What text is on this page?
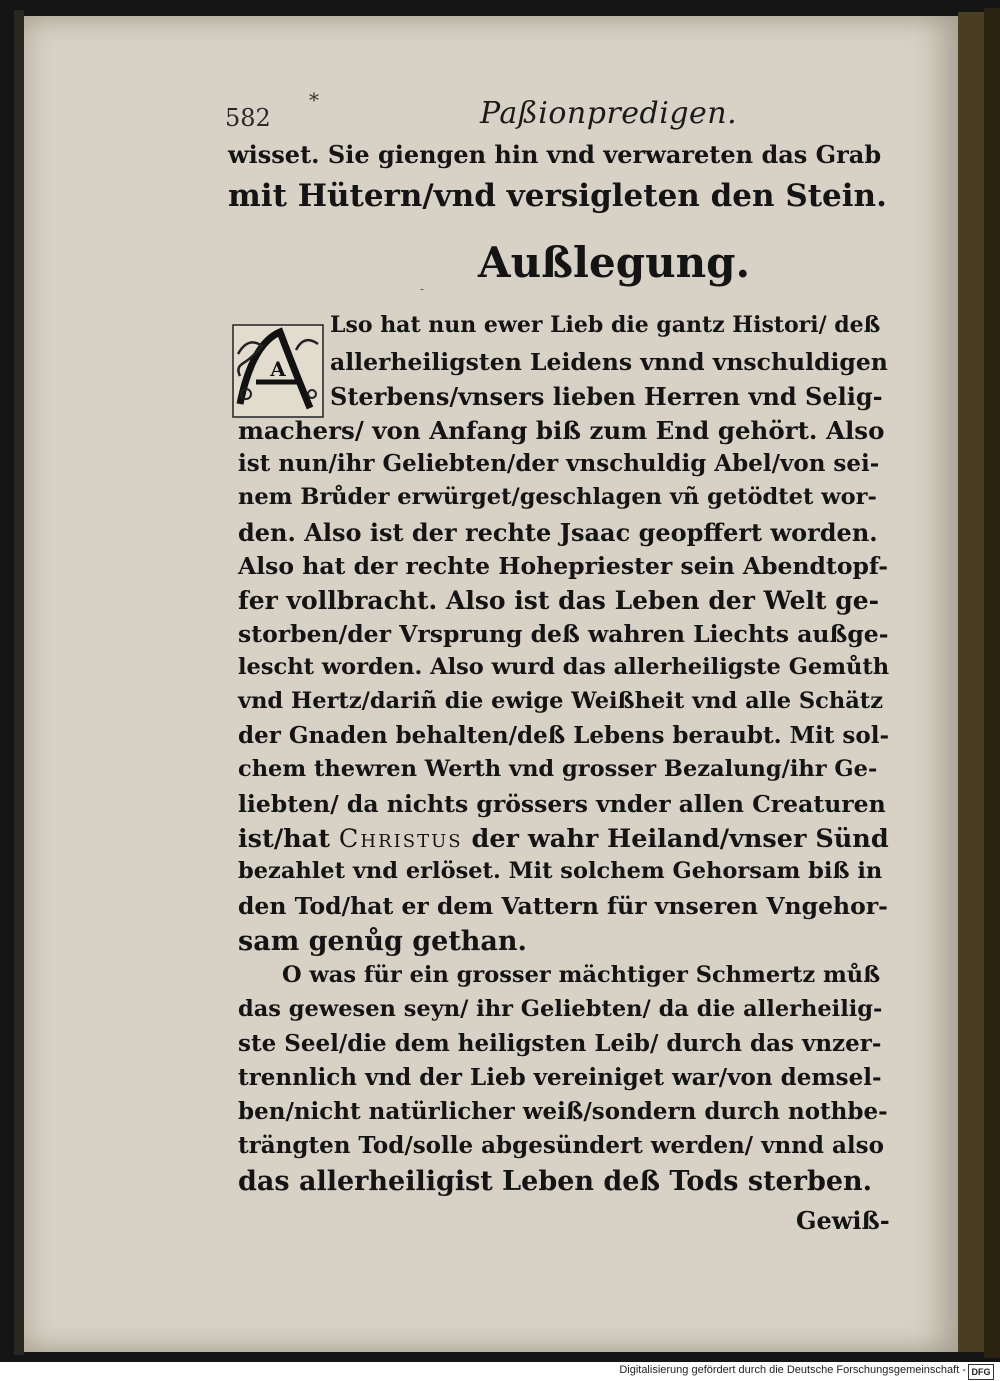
582
*	Paßionpredigen.
wisset. Sie giengen hin vnd verwareten das Grab
mit Hütern/vnd versigleten den Stein.
Außlegung.
-
A
Lso hat nun ewer Lieb die gantz Histori/ deß
allerheiligsten Leidens vnnd vnschuldigen
Sterbens/vnsers lieben Herren vnd Selig-
machers/ von Anfang biß zum End gehört. Also
ist nun/ihr Geliebten/der vnschuldig Abel/von sei-
nem Brůder erwürget/geschlagen vñ getödtet wor-
den. Also ist der rechte Jsaac geopffert worden.
Also hat der rechte Hohepriester sein Abendtopf-
fer vollbracht. Also ist das Leben der Welt ge-
storben/der Vrsprung deß wahren Liechts außge-
lescht worden. Also wurd das allerheiligste Gemůth
vnd Hertz/dariñ die ewige Weißheit vnd alle Schätz
der Gnaden behalten/deß Lebens beraubt. Mit sol-
chem thewren Werth vnd grosser Bezalung/ihr Ge-
liebten/ da nichts grössers vnder allen Creaturen
ist/hat Christus der wahr Heiland/vnser Sünd
bezahlet vnd erlöset. Mit solchem Gehorsam biß in
den Tod/hat er dem Vattern für vnseren Vngehor-
sam genůg gethan.
O was für ein grosser mächtiger Schmertz můß
das gewesen seyn/ ihr Geliebten/ da die allerheilig-
ste Seel/die dem heiligsten Leib/ durch das vnzer-
trennlich vnd der Lieb vereiniget war/von demsel-
ben/nicht natürlicher weiß/sondern durch nothbe-
trängten Tod/solle abgesündert werden/ vnnd also
das allerheiligist Leben deß Tods sterben.
Gewiß-
Digitalisierung gefördert durch die Deutsche Forschungsgemeinschaft - DFG
